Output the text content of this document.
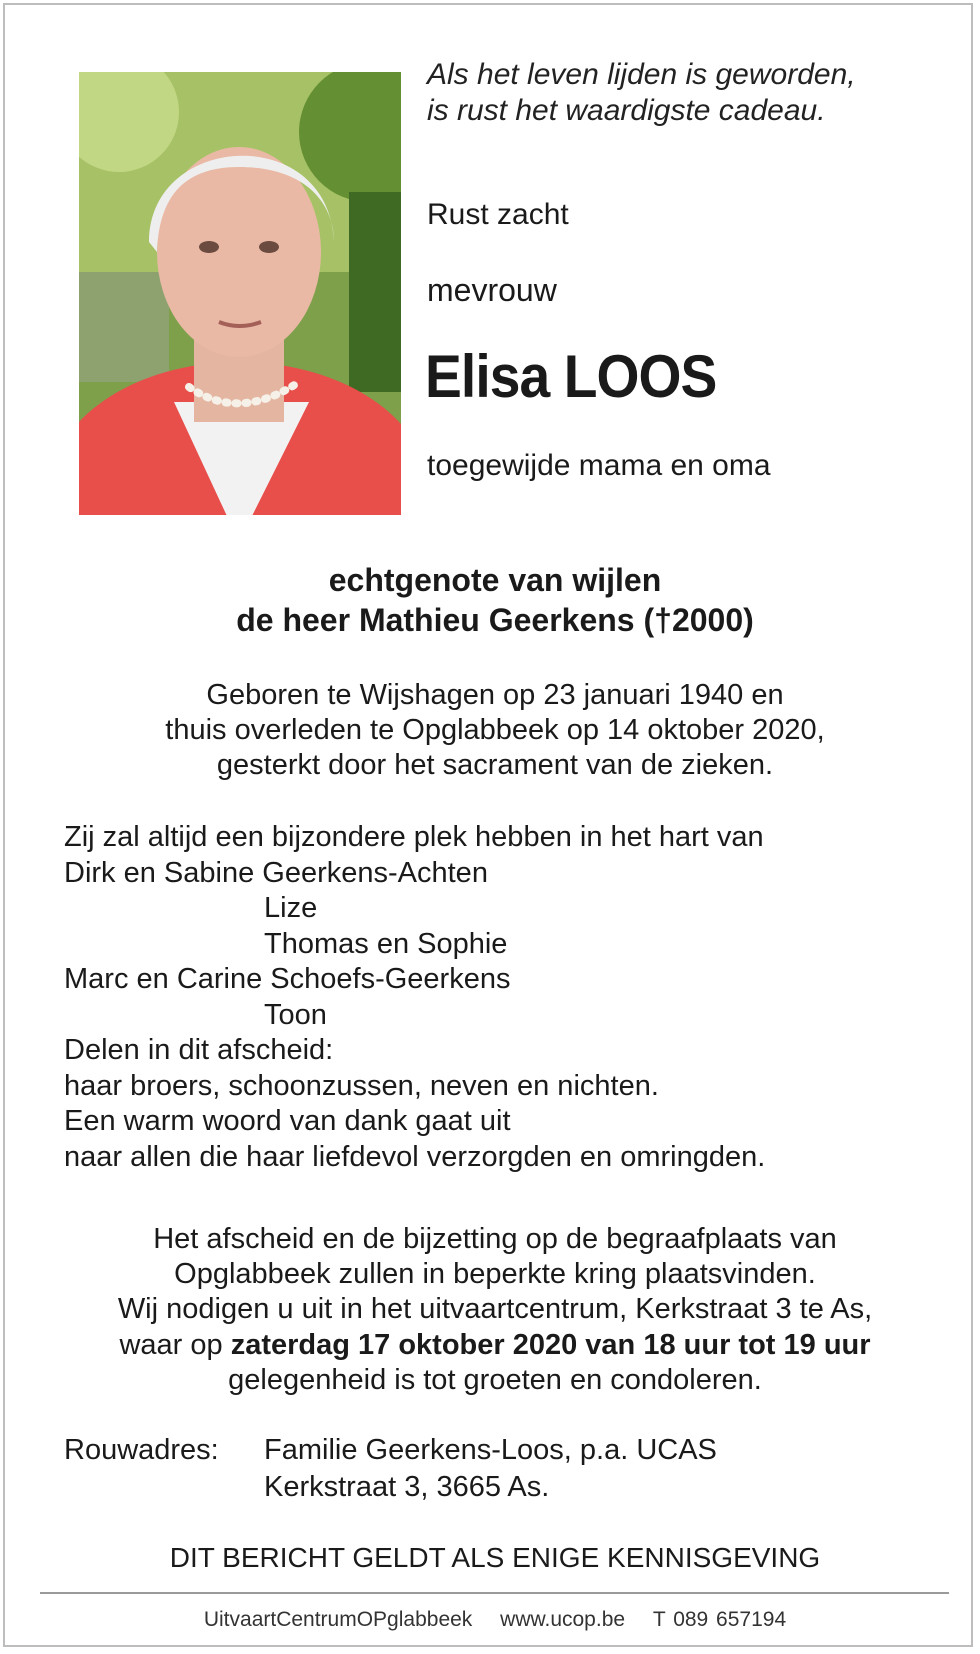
Als het leven lijden is geworden,
is rust het waardigste cadeau.
Rust zacht
mevrouw
Elisa LOOS
toegewijde mama en oma
echtgenote van wijlen
de heer Mathieu Geerkens (†2000)
Geboren te Wijshagen op 23 januari 1940 en
thuis overleden te Opglabbeek op 14 oktober 2020,
gesterkt door het sacrament van de zieken.
Zij zal altijd een bijzondere plek hebben in het hart van
Dirk en Sabine Geerkens-Achten
Lize
Thomas en Sophie
Marc en Carine Schoefs-Geerkens
Toon
Delen in dit afscheid:
haar broers, schoonzussen, neven en nichten.
Een warm woord van dank gaat uit
naar allen die haar liefdevol verzorgden en omringden.
Het afscheid en de bijzetting op de begraafplaats van
Opglabbeek zullen in beperkte kring plaatsvinden.
Wij nodigen u uit in het uitvaartcentrum, Kerkstraat 3 te As,
waar op zaterdag 17 oktober 2020 van 18 uur tot 19 uur
gelegenheid is tot groeten en condoleren.
Rouwadres: Familie Geerkens-Loos, p.a. UCAS
Kerkstraat 3, 3665 As.
DIT BERICHT GELDT ALS ENIGE KENNISGEVING
UitvaartCentrumOPglabbeek www.ucop.be T 089 657194
